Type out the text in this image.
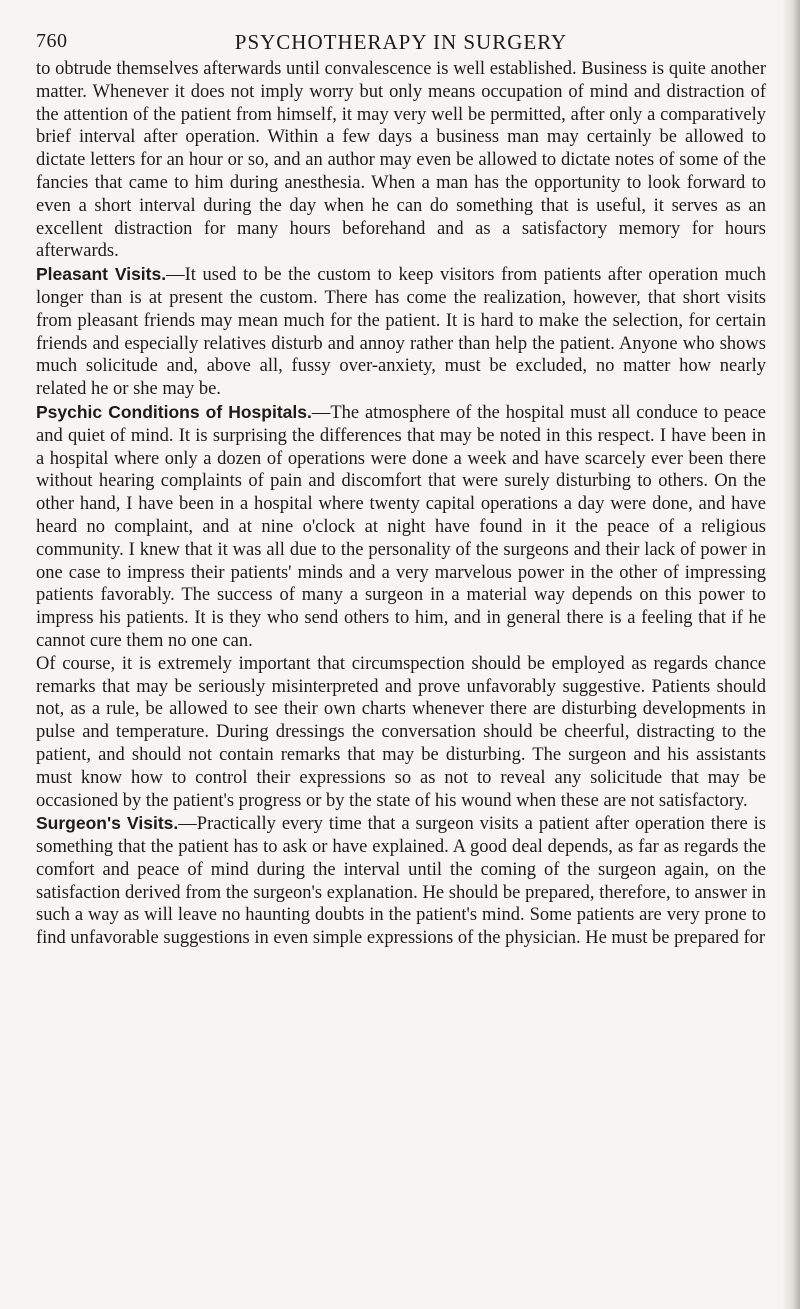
760	PSYCHOTHERAPY IN SURGERY

to obtrude themselves afterwards until convalescence is well established. Business is quite another matter. Whenever it does not imply worry but only means occupation of mind and distraction of the attention of the patient from himself, it may very well be permitted, after only a comparatively brief interval after operation. Within a few days a business man may certainly be allowed to dictate letters for an hour or so, and an author may even be allowed to dictate notes of some of the fancies that came to him during anesthesia. When a man has the opportunity to look forward to even a short interval during the day when he can do something that is useful, it serves as an excellent distraction for many hours beforehand and as a satisfactory memory for hours afterwards.

Pleasant Visits.—It used to be the custom to keep visitors from patients after operation much longer than is at present the custom. There has come the realization, however, that short visits from pleasant friends may mean much for the patient. It is hard to make the selection, for certain friends and especially relatives disturb and annoy rather than help the patient. Anyone who shows much solicitude and, above all, fussy over-anxiety, must be excluded, no matter how nearly related he or she may be.

Psychic Conditions of Hospitals.—The atmosphere of the hospital must all conduce to peace and quiet of mind. It is surprising the differences that may be noted in this respect. I have been in a hospital where only a dozen of operations were done a week and have scarcely ever been there without hearing complaints of pain and discomfort that were surely disturbing to others. On the other hand, I have been in a hospital where twenty capital operations a day were done, and have heard no complaint, and at nine o'clock at night have found in it the peace of a religious community. I knew that it was all due to the personality of the surgeons and their lack of power in one case to impress their patients' minds and a very marvelous power in the other of impressing patients favorably. The success of many a surgeon in a material way depends on this power to impress his patients. It is they who send others to him, and in general there is a feeling that if he cannot cure them no one can.

Of course, it is extremely important that circumspection should be employed as regards chance remarks that may be seriously misinterpreted and prove unfavorably suggestive. Patients should not, as a rule, be allowed to see their own charts whenever there are disturbing developments in pulse and temperature. During dressings the conversation should be cheerful, distracting to the patient, and should not contain remarks that may be disturbing. The surgeon and his assistants must know how to control their expressions so as not to reveal any solicitude that may be occasioned by the patient's progress or by the state of his wound when these are not satisfactory.

Surgeon's Visits.—Practically every time that a surgeon visits a patient after operation there is something that the patient has to ask or have explained. A good deal depends, as far as regards the comfort and peace of mind during the interval until the coming of the surgeon again, on the satisfaction derived from the surgeon's explanation. He should be prepared, therefore, to answer in such a way as will leave no haunting doubts in the patient's mind. Some patients are very prone to find unfavorable suggestions in even simple expressions of the physician. He must be prepared for
